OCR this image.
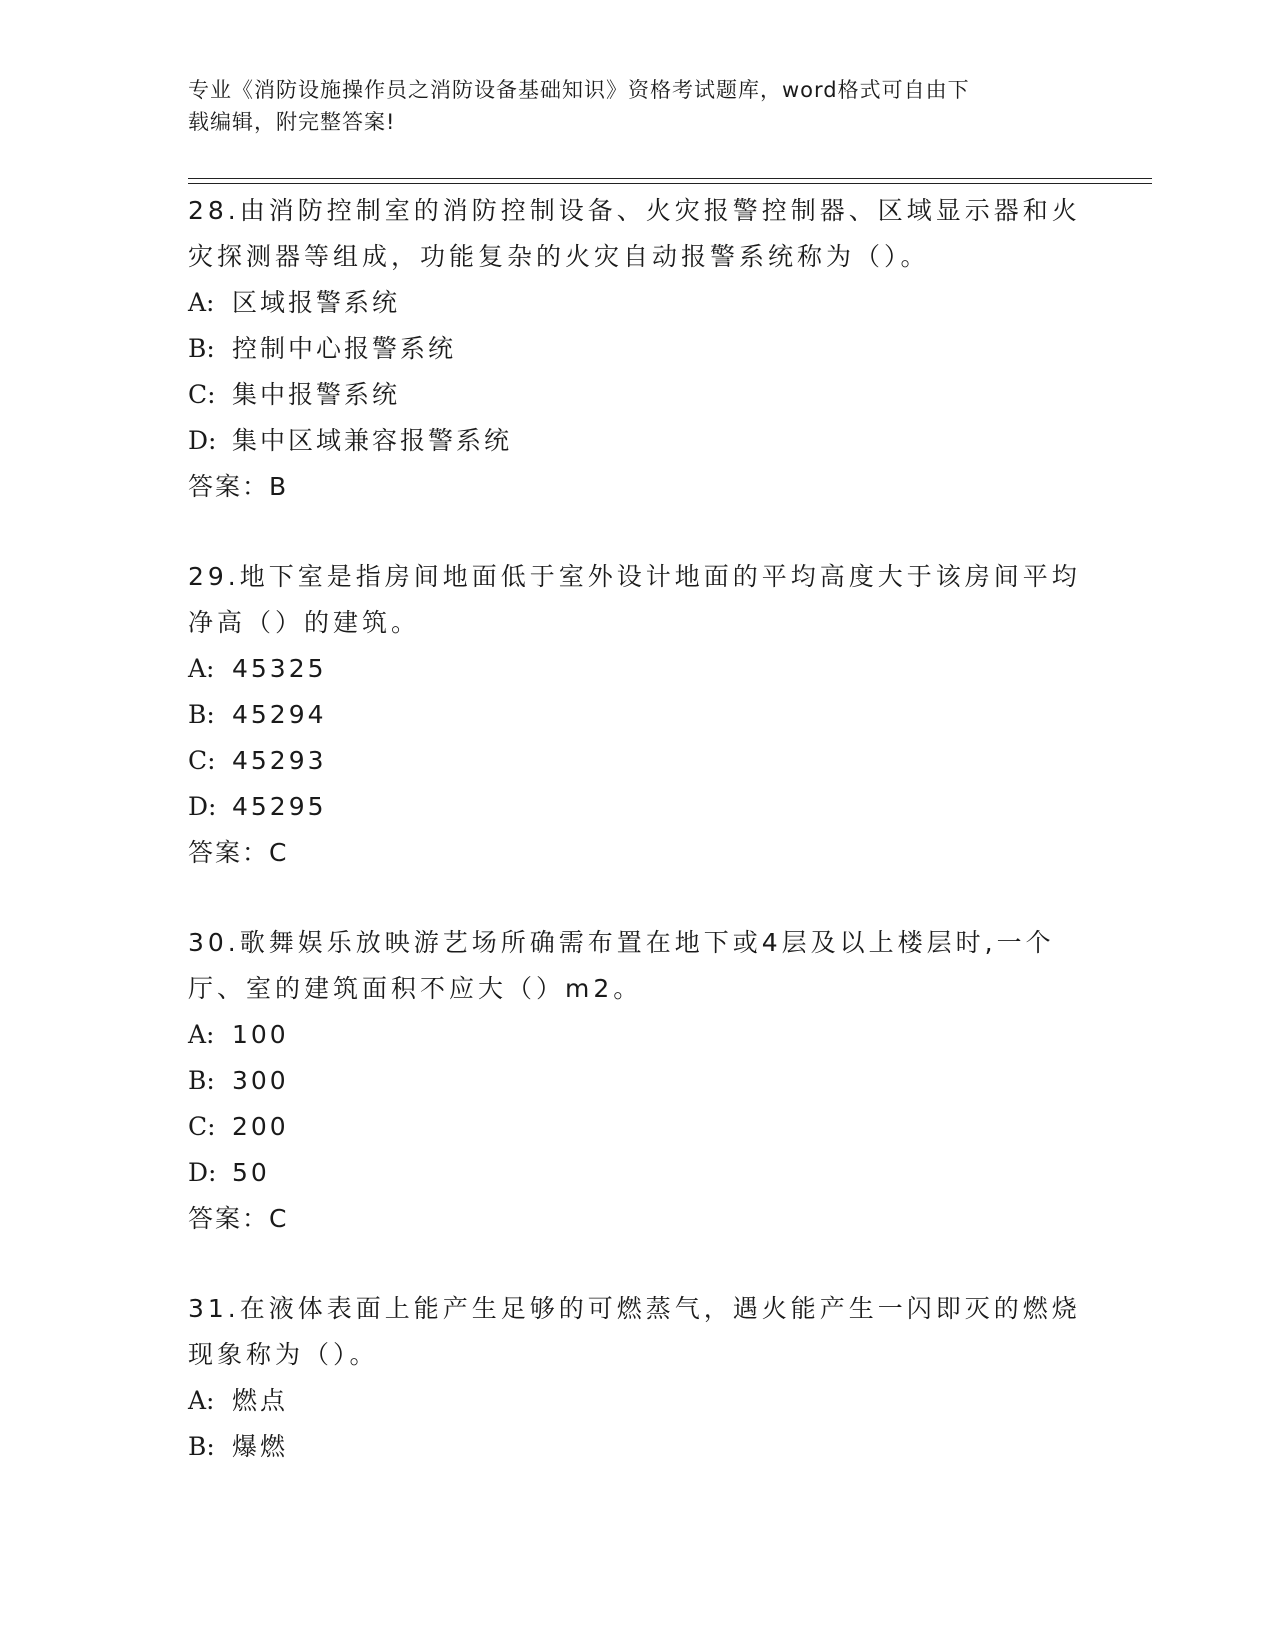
专业《消防设施操作员之消防设备基础知识》资格考试题库，word格式可自由下
载编辑，附完整答案!

28.由消防控制室的消防控制设备、火灾报警控制器、区域显示器和火灾探测器等组成，功能复杂的火灾自动报警系统称为（）。

A: 区域报警系统

B: 控制中心报警系统

C: 集中报警系统

D: 集中区域兼容报警系统

答案：B

29.地下室是指房间地面低于室外设计地面的平均高度大于该房间平均净高（）的建筑。

A: 45325

B: 45294

C: 45293

D: 45295

答案：C

30.歌舞娱乐放映游艺场所确需布置在地下或4层及以上楼层时,一个厅、室的建筑面积不应大（）m2。

A: 100

B: 300

C: 200

D: 50

答案：C

31.在液体表面上能产生足够的可燃蒸气，遇火能产生一闪即灭的燃烧现象称为（）。

A: 燃点

B: 爆燃
